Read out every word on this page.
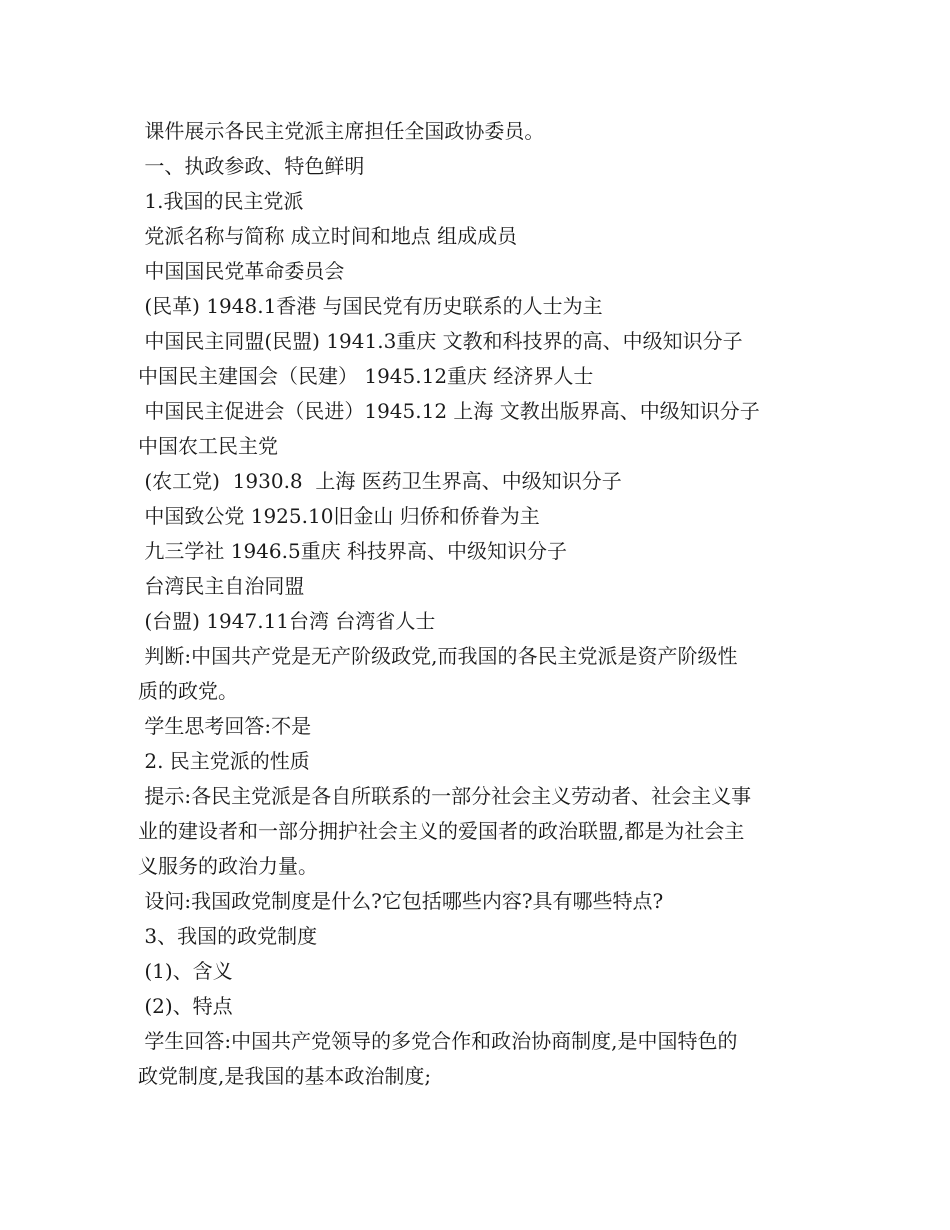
课件展示各民主党派主席担任全国政协委员。

一、执政参政、特色鲜明

1.我国的民主党派

党派名称与简称 成立时间和地点 组成成员

中国国民党革命委员会

(民革) 1948.1香港 与国民党有历史联系的人士为主

中国民主同盟(民盟) 1941.3重庆 文教和科技界的高、中级知识分子

中国民主建国会（民建） 1945.12重庆 经济界人士

中国民主促进会（民进）1945.12 上海 文教出版界高、中级知识分子

中国农工民主党

(农工党)  1930.8  上海 医药卫生界高、中级知识分子

中国致公党 1925.10旧金山 归侨和侨眷为主

九三学社 1946.5重庆 科技界高、中级知识分子

台湾民主自治同盟

(台盟) 1947.11台湾 台湾省人士

判断:中国共产党是无产阶级政党,而我国的各民主党派是资产阶级性

质的政党。

学生思考回答:不是

2. 民主党派的性质

提示:各民主党派是各自所联系的一部分社会主义劳动者、社会主义事

业的建设者和一部分拥护社会主义的爱国者的政治联盟,都是为社会主

义服务的政治力量。

设问:我国政党制度是什么?它包括哪些内容?具有哪些特点?

3、我国的政党制度

(1)、含义

(2)、特点

学生回答:中国共产党领导的多党合作和政治协商制度,是中国特色的

政党制度,是我国的基本政治制度;
